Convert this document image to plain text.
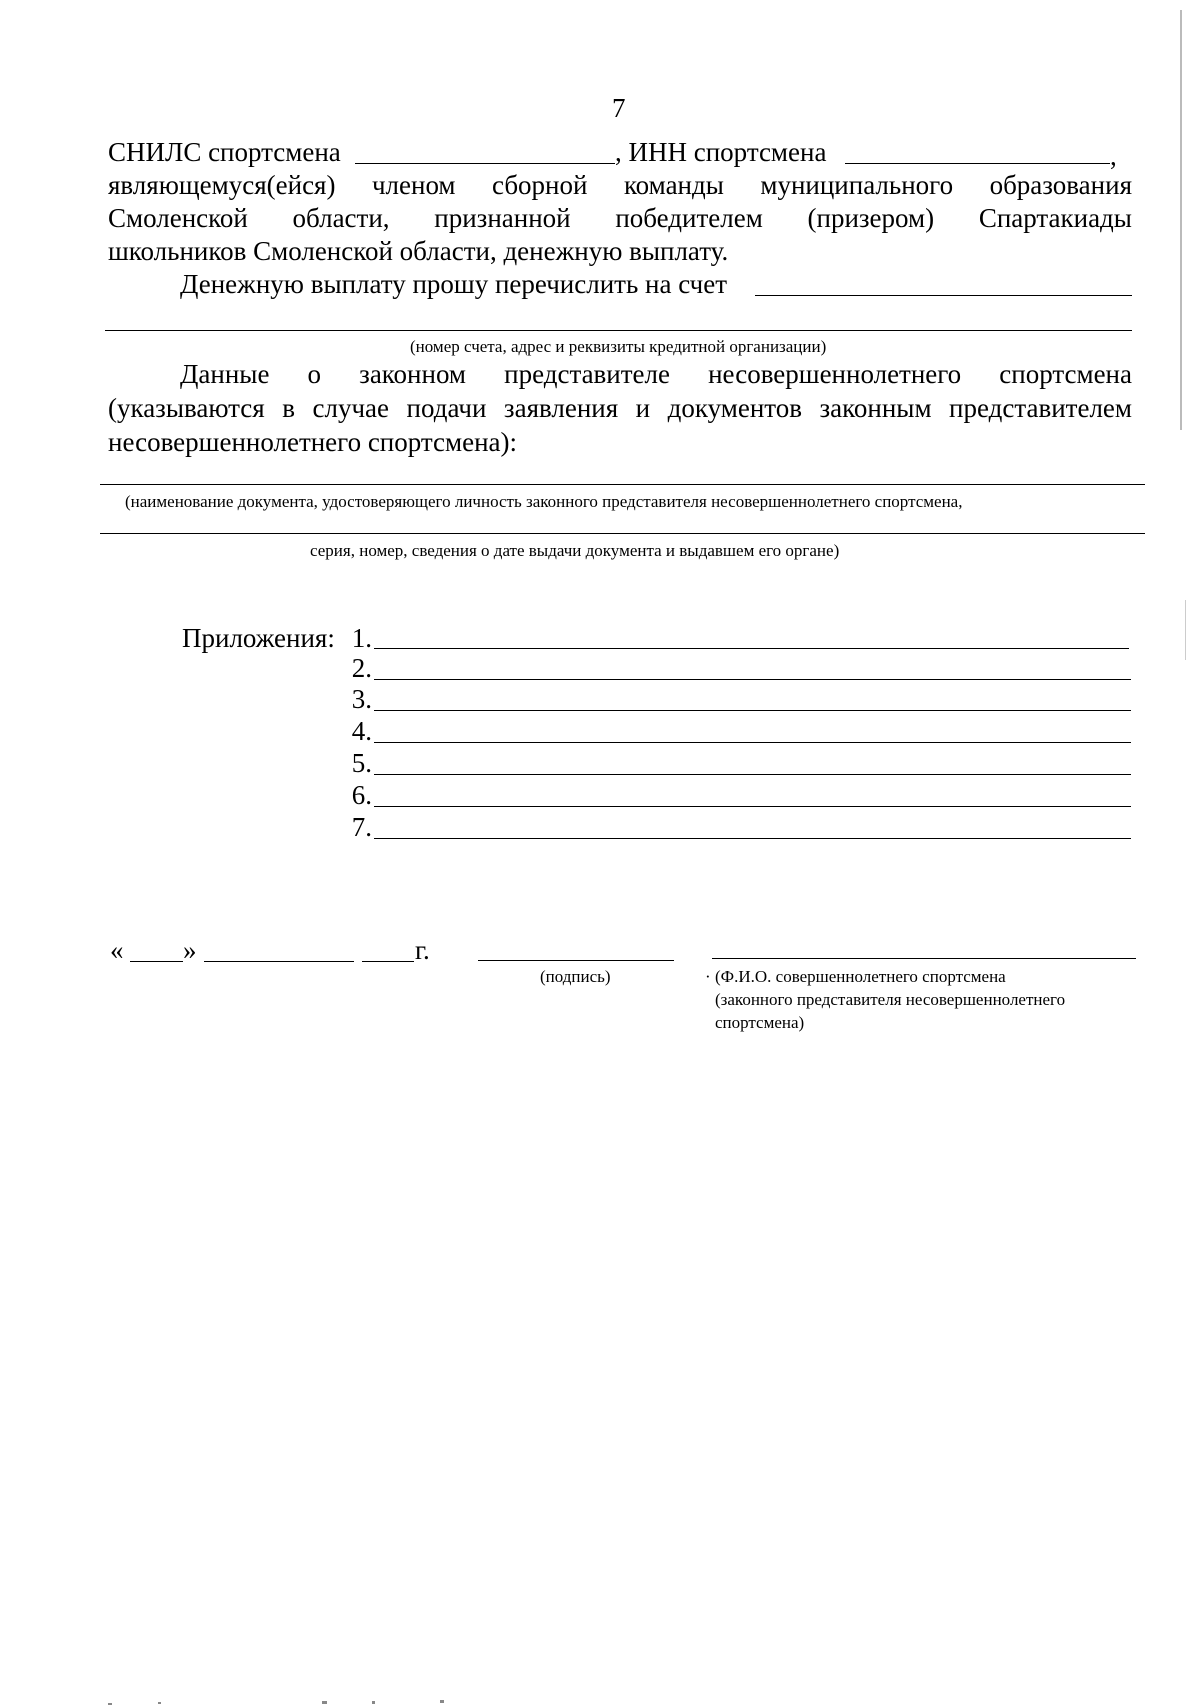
7
СНИЛС спортсмена	, ИНН спортсмена	,
являющемуся(ейся) членом сборной команды муниципального образования
Смоленской области, признанной победителем (призером) Спартакиады
школьников Смоленской области, денежную выплату.
Денежную выплату прошу перечислить на счет
(номер счета, адрес и реквизиты кредитной организации)
Данные о законном представителе несовершеннолетнего спортсмена
(указываются в случае подачи заявления и документов законным представителем
несовершеннолетнего спортсмена):
(наименование документа, удостоверяющего личность законного представителя несовершеннолетнего спортсмена,
серия, номер, сведения о дате выдачи документа и выдавшем его органе)
Приложения: 1.
2.
3.
4.
5.
6.
7.
« »	г.
(подпись)	· (Ф.И.О. совершеннолетнего спортсмена
(законного представителя несовершеннолетнего
спортсмена)
